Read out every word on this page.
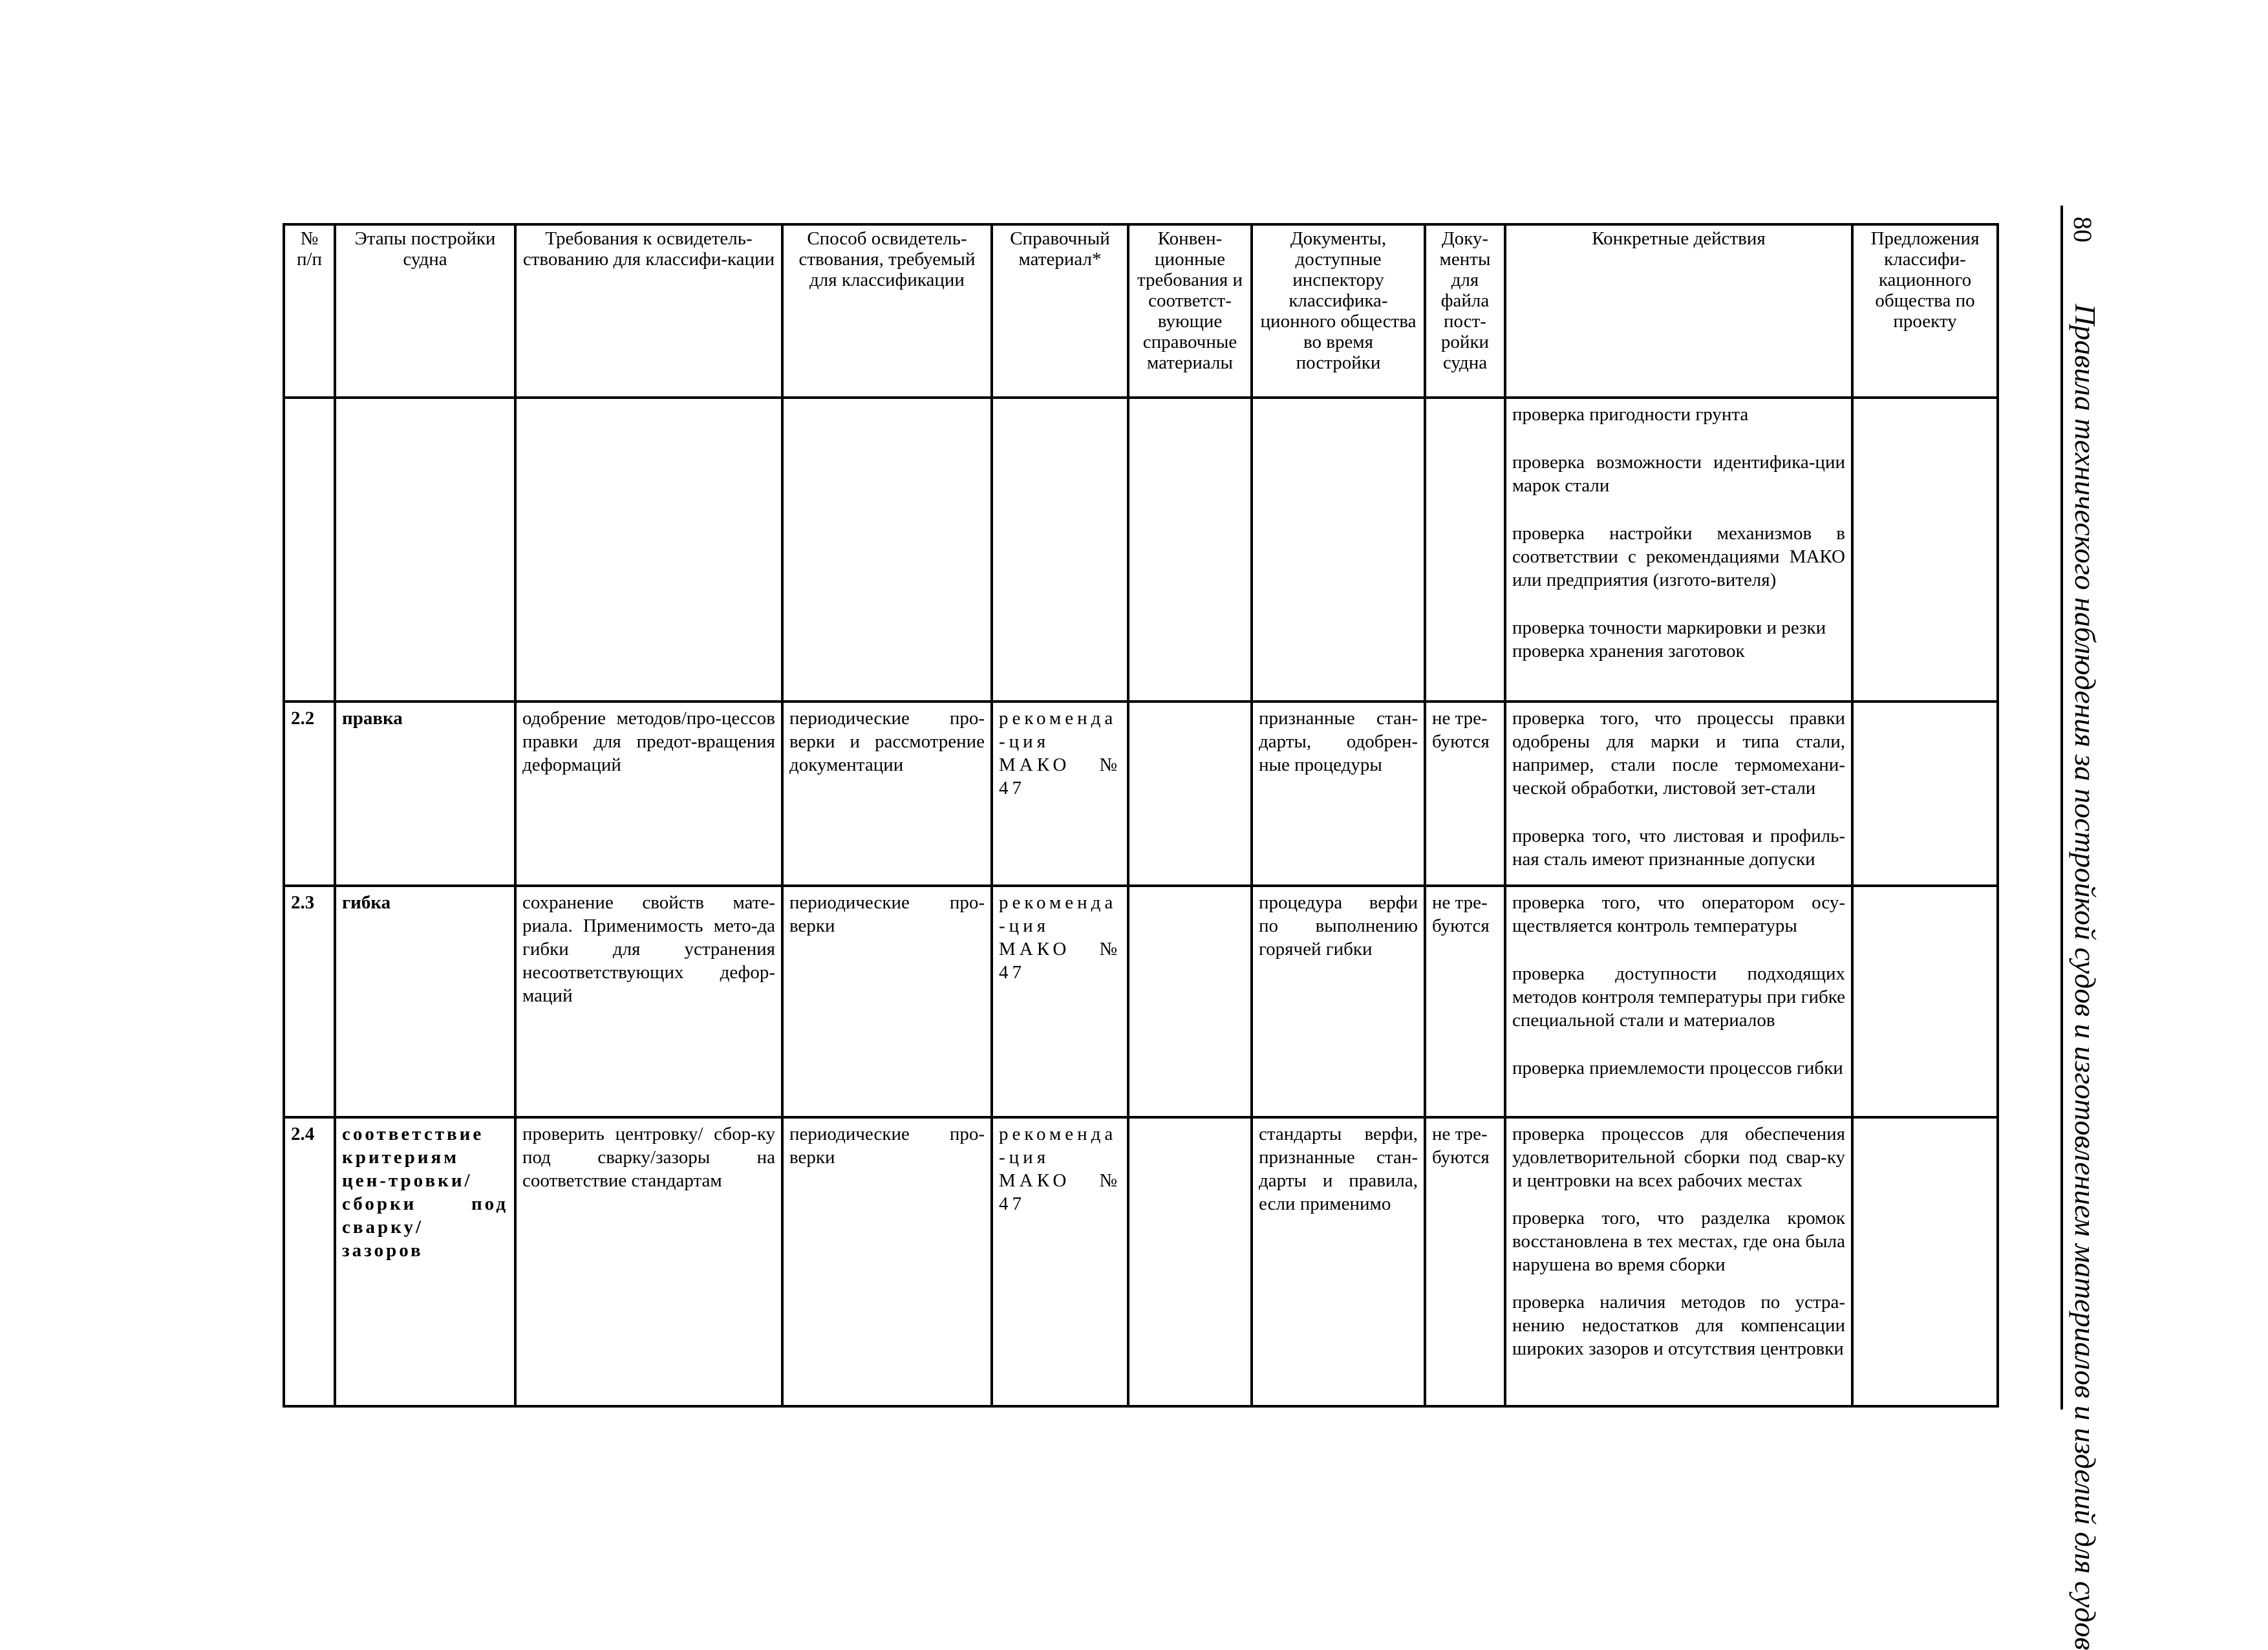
№ п/п	Этапы постройки судна	Требования к освидетель-ствованию для классифи-кации	Способ освидетель-ствования, требуемый для классификации	Справочный материал*	Конвен-ционные требования и соответст-вующие справочные материалы	Документы, доступные инспектору классифика-ционного общества во время постройки	Доку-менты для файла пост-ройки судна	Конкретные действия	Предложения классифи-кационного общества по проекту

								проверка пригодности грунта
проверка возможности идентифика-ции марок стали
проверка настройки механизмов в соответствии с рекомендациями МАКО или предприятия (изгото-вителя)
проверка точности маркировки и резки
проверка хранения заготовок	

2.2	правка	одобрение методов/про-цессов правки для предот-вращения деформаций	периодические про-верки и рассмотрение документации	рекоменда-ция МАКО № 47		признанные стан-дарты, одобрен-ные процедуры	не тре-буются	проверка того, что процессы правки одобрены для марки и типа стали, например, стали после термомехани-ческой обработки, листовой зет-стали
проверка того, что листовая и профиль-ная сталь имеют признанные допуски	

2.3	гибка	сохранение свойств мате-риала. Применимость мето-да гибки для устранения несоответствующих дефор-маций	периодические про-верки	рекоменда-ция МАКО № 47		процедура верфи по выполнению горячей гибки	не тре-буются	проверка того, что оператором осу-ществляется контроль температуры
проверка доступности подходящих методов контроля температуры при гибке специальной стали и материалов
проверка приемлемости процессов гибки	

2.4	соответствие критериям цен-тровки/ сборки под сварку/ зазоров	проверить центровку/ сбор-ку под сварку/зазоры на соответствие стандартам	периодические про-верки	рекоменда-ция МАКО № 47		стандарты верфи, признанные стан-дарты и правила, если применимо	не тре-буются	проверка процессов для обеспечения удовлетворительной сборки под свар-ку и центровки на всех рабочих местах
проверка того, что разделка кромок восстановлена в тех местах, где она была нарушена во время сборки
проверка наличия методов по устра-нению недостатков для компенсации широких зазоров и отсутствия центровки	

80
Правила технического наблюдения за постройкой судов и изготовлением материалов и изделий для судов
